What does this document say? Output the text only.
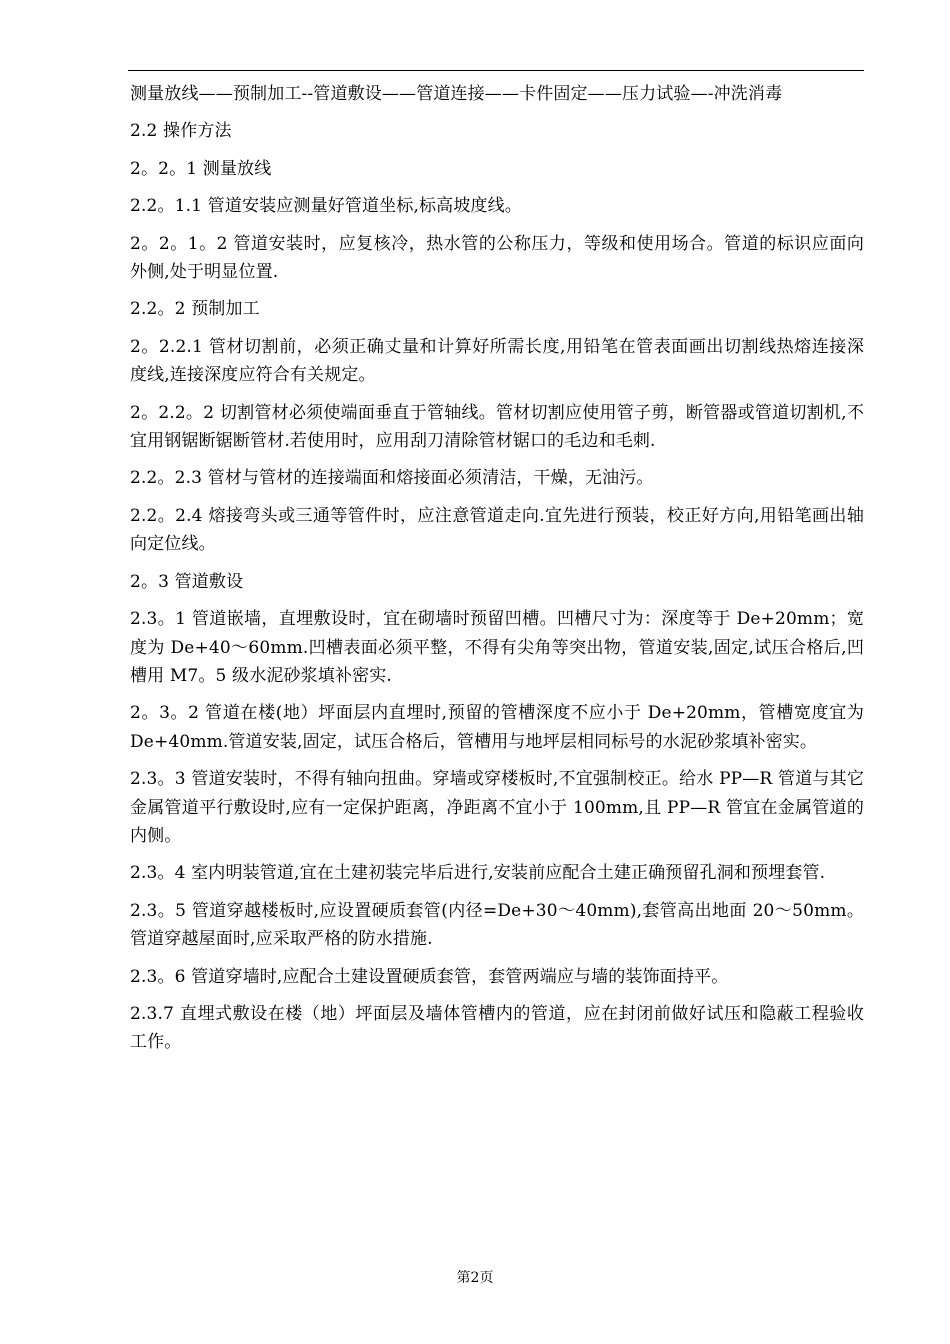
测量放线——预制加工--管道敷设——管道连接——卡件固定——压力试验—-冲洗消毒

2.2 操作方法

2。2。1 测量放线

2.2。1.1 管道安装应测量好管道坐标,标高坡度线。

2。2。1。2 管道安装时，应复核冷，热水管的公称压力，等级和使用场合。管道的标识应面向外侧,处于明显位置.

2.2。2 预制加工

2。2.2.1 管材切割前，必须正确丈量和计算好所需长度,用铅笔在管表面画出切割线热熔连接深度线,连接深度应符合有关规定。

2。2.2。2 切割管材必须使端面垂直于管轴线。管材切割应使用管子剪，断管器或管道切割机,不宜用钢锯断锯断管材.若使用时，应用刮刀清除管材锯口的毛边和毛刺.

2.2。2.3 管材与管材的连接端面和熔接面必须清洁，干燥，无油污。

2.2。2.4 熔接弯头或三通等管件时，应注意管道走向.宜先进行预装，校正好方向,用铅笔画出轴向定位线。

2。3 管道敷设

2.3。1 管道嵌墙，直埋敷设时，宜在砌墙时预留凹槽。凹槽尺寸为：深度等于 De+20mm；宽度为 De+40～60mm.凹槽表面必须平整，不得有尖角等突出物，管道安装,固定,试压合格后,凹槽用 M7。5 级水泥砂浆填补密实.

2。3。2 管道在楼(地）坪面层内直埋时,预留的管槽深度不应小于 De+20mm，管槽宽度宜为 De+40mm.管道安装,固定，试压合格后，管槽用与地坪层相同标号的水泥砂浆填补密实。

2.3。3 管道安装时，不得有轴向扭曲。穿墙或穿楼板时,不宜强制校正。给水 PP—R 管道与其它金属管道平行敷设时,应有一定保护距离，净距离不宜小于 100mm,且 PP—R 管宜在金属管道的内侧。

2.3。4 室内明装管道,宜在土建初装完毕后进行,安装前应配合土建正确预留孔洞和预埋套管.

2.3。5 管道穿越楼板时,应设置硬质套管(内径=De+30～40mm),套管高出地面 20～50mm。管道穿越屋面时,应采取严格的防水措施.

2.3。6 管道穿墙时,应配合土建设置硬质套管，套管两端应与墙的装饰面持平。

2.3.7 直埋式敷设在楼（地）坪面层及墙体管槽内的管道，应在封闭前做好试压和隐蔽工程验收工作。

第2页
